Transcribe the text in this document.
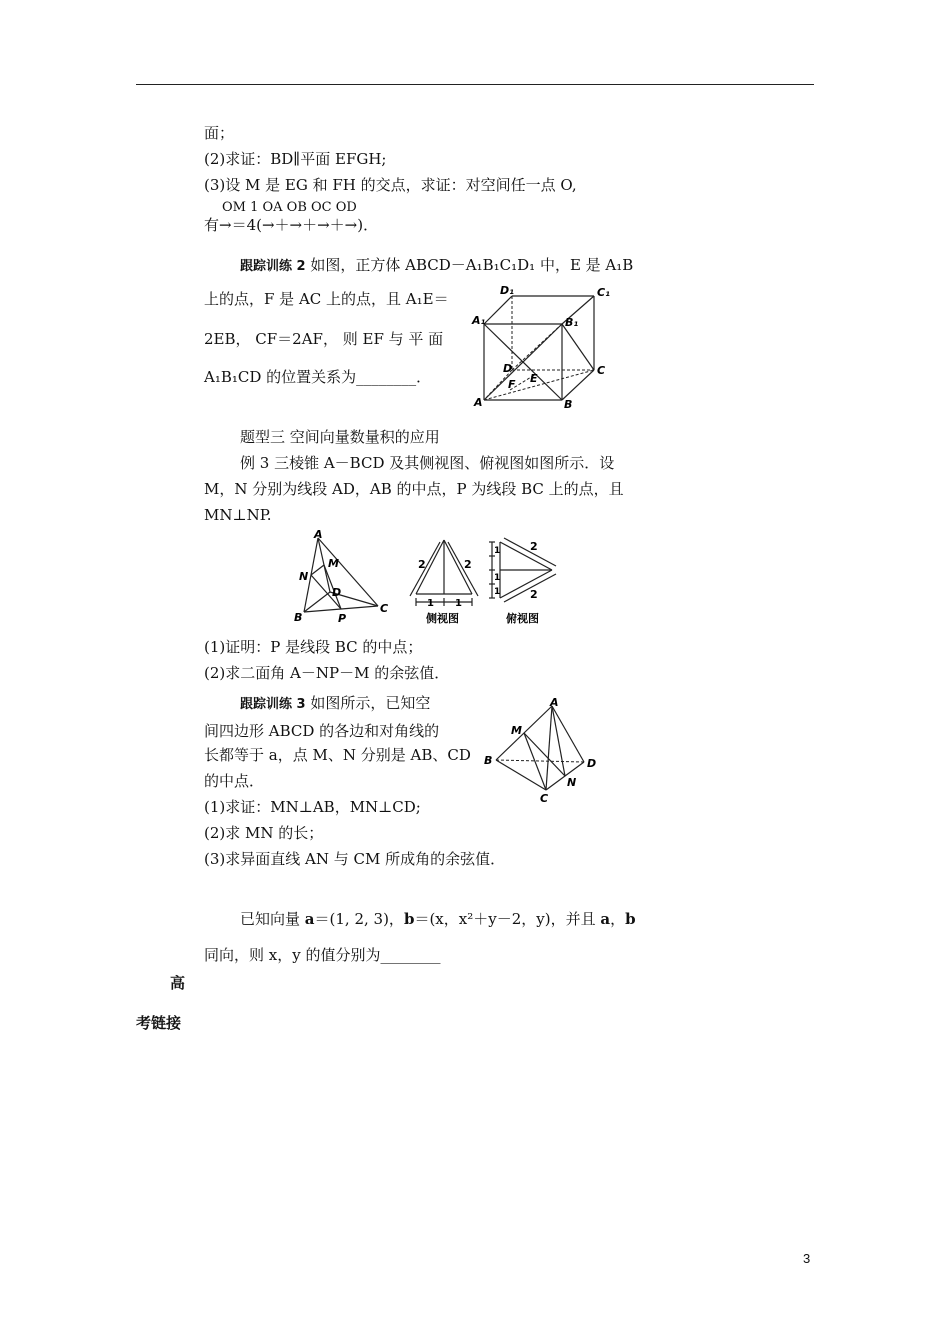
面；
(2)求证：BD∥平面 EFGH;
(3)设 M 是 EG 和 FH 的交点，求证：对空间任一点 O,
OM 1 OA OB OC OD
有→＝4(→＋→＋→＋→)．
跟踪训练 2 如图，正方体 ABCD－A₁B₁C₁D₁ 中，E 是 A₁B
上的点，F 是 AC 上的点，且 A₁E＝
2EB， CF＝2AF， 则 EF 与 平 面
A₁B₁CD 的位置关系为________．
D₁	C₁
A₁	B₁
D	C
E
F
A	B
题型三 空间向量数量积的应用
例 3 三棱锥 A－BCD 及其侧视图、俯视图如图所示．设
M，N 分别为线段 AD，AB 的中点，P 为线段 BC 上的点，且
MN⊥NP.
A
M
N
D
B	P
C
2	2
1 1
侧视图
2
2
1
1
1
俯视图
(1)证明：P 是线段 BC 的中点；
(2)求二面角 A－NP－M 的余弦值．
跟踪训练 3 如图所示，已知空
间四边形 ABCD 的各边和对角线的
长都等于 a，点 M、N 分别是 AB、CD
的中点．
(1)求证：MN⊥AB，MN⊥CD;
(2)求 MN 的长；
(3)求异面直线 AN 与 CM 所成角的余弦值．
A
M
B	D
C
N
已知向量 a＝(1, 2, 3)，b＝(x，x²＋y－2，y)，并且 a，b
同向，则 x，y 的值分别为________
高
考链接
3
